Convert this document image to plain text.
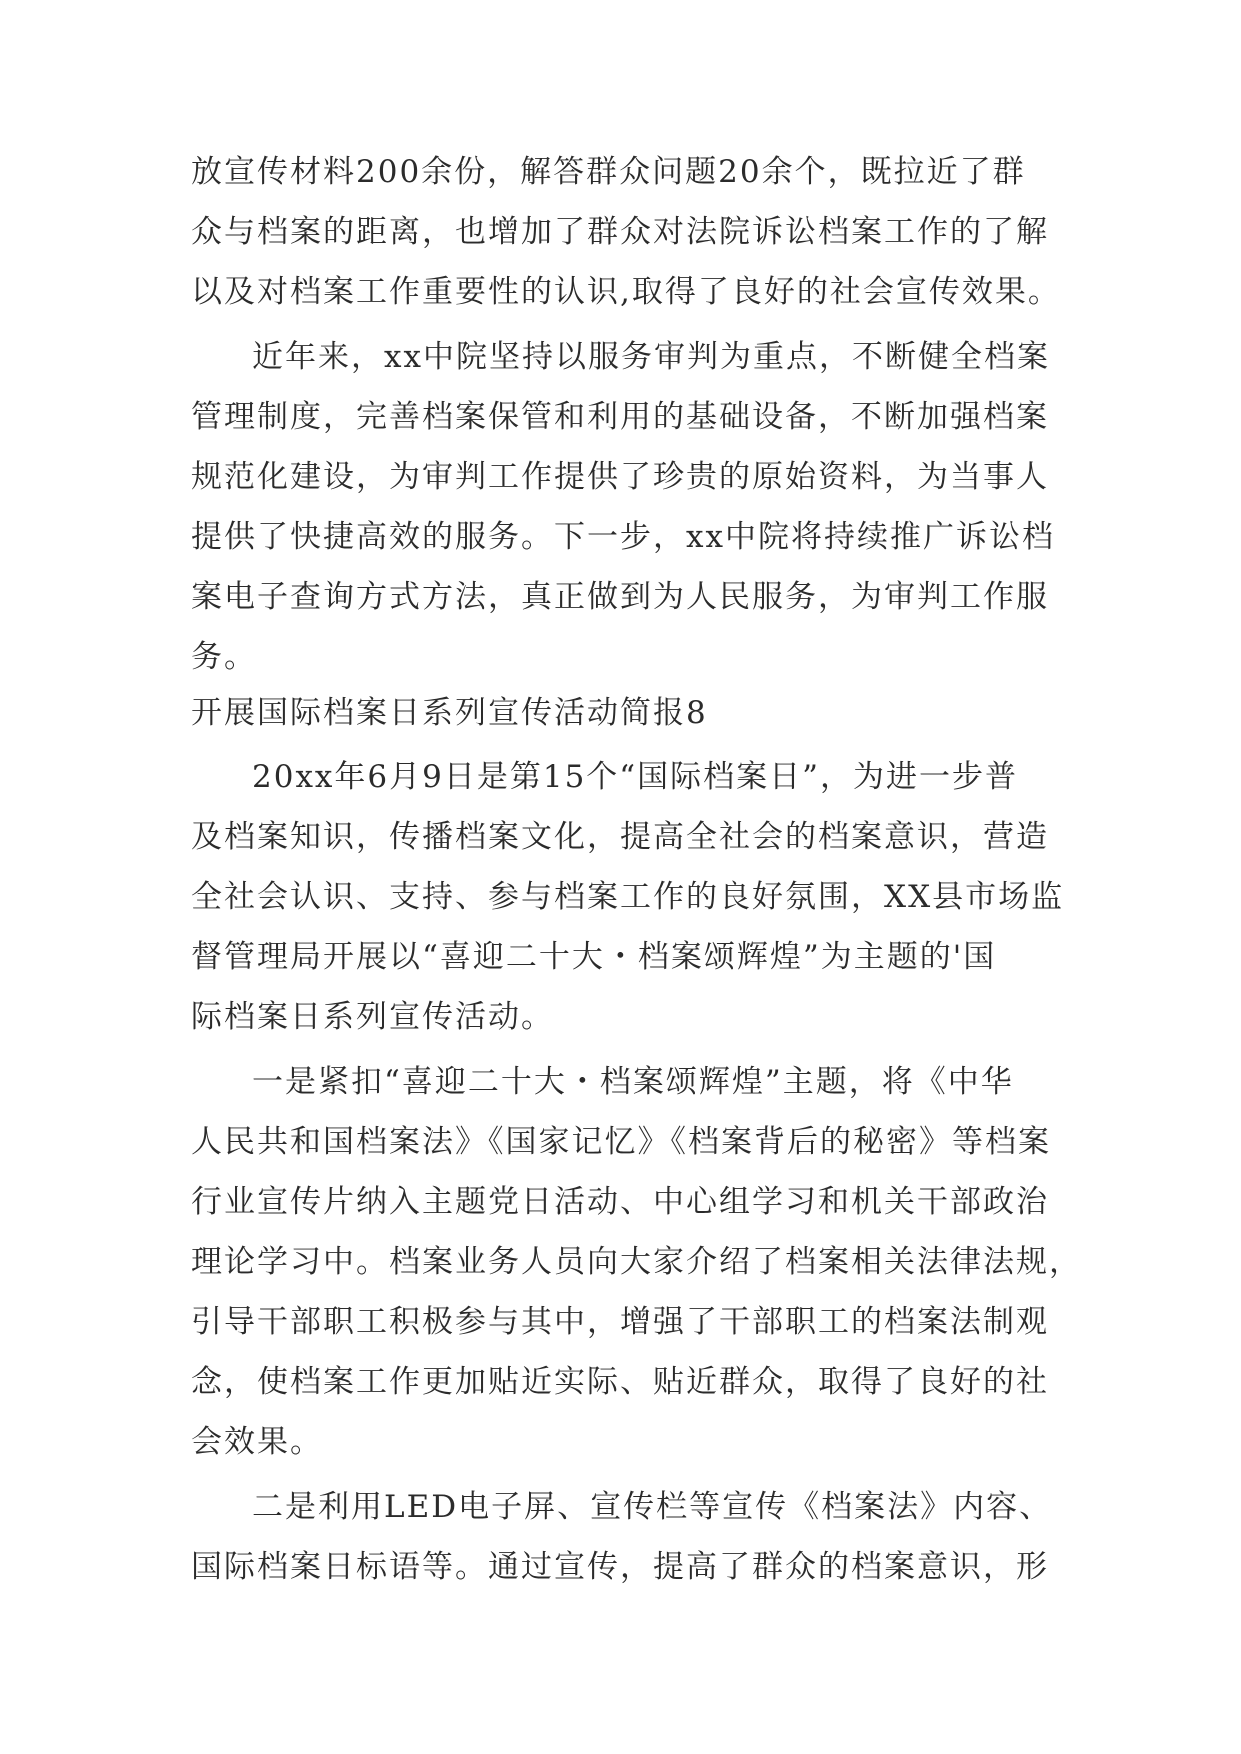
放宣传材料200余份，解答群众问题20余个，既拉近了群
众与档案的距离，也增加了群众对法院诉讼档案工作的了解
以及对档案工作重要性的认识,取得了良好的社会宣传效果。
近年来，xx中院坚持以服务审判为重点，不断健全档案
管理制度，完善档案保管和利用的基础设备，不断加强档案
规范化建设，为审判工作提供了珍贵的原始资料，为当事人
提供了快捷高效的服务。下一步，xx中院将持续推广诉讼档
案电子查询方式方法，真正做到为人民服务，为审判工作服
务。
开展国际档案日系列宣传活动简报8
20xx年6月9日是第15个“国际档案日”，为进一步普
及档案知识，传播档案文化，提高全社会的档案意识，营造
全社会认识、支持、参与档案工作的良好氛围，XX县市场监
督管理局开展以“喜迎二十大・档案颂辉煌”为主题的'国
际档案日系列宣传活动。
一是紧扣“喜迎二十大・档案颂辉煌”主题，将《中华
人民共和国档案法》《国家记忆》《档案背后的秘密》等档案
行业宣传片纳入主题党日活动、中心组学习和机关干部政治
理论学习中。档案业务人员向大家介绍了档案相关法律法规，
引导干部职工积极参与其中，增强了干部职工的档案法制观
念，使档案工作更加贴近实际、贴近群众，取得了良好的社
会效果。
二是利用LED电子屏、宣传栏等宣传《档案法》内容、
国际档案日标语等。通过宣传，提高了群众的档案意识，形
